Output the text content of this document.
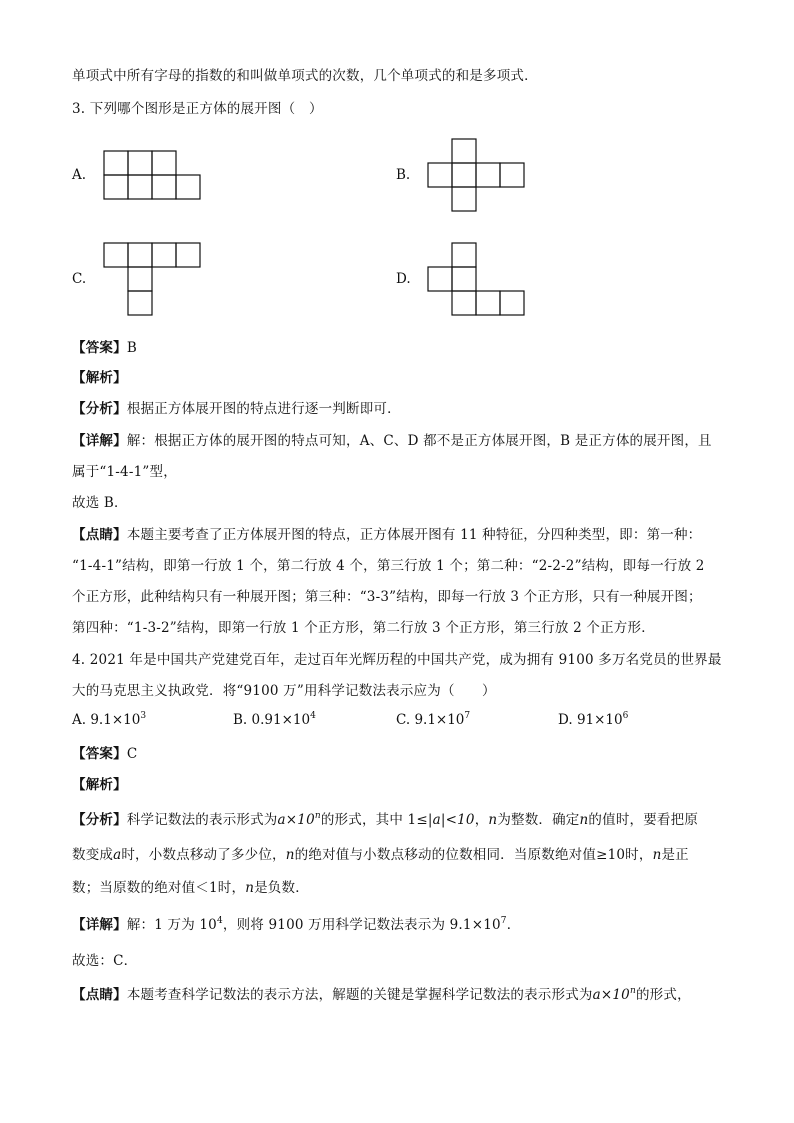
单项式中所有字母的指数的和叫做单项式的次数，几个单项式的和是多项式．
3. 下列哪个图形是正方体的展开图（　）
A.	B.
C.	D.
【答案】B
【解析】
【分析】根据正方体展开图的特点进行逐一判断即可．
【详解】解：根据正方体的展开图的特点可知，A、C、D 都不是正方体展开图，B 是正方体的展开图，且
属于“1-4-1”型，
故选 B．
【点睛】本题主要考查了正方体展开图的特点，正方体展开图有 11 种特征，分四种类型，即：第一种：
“1-4-1”结构，即第一行放 1 个，第二行放 4 个，第三行放 1 个；第二种：“2-2-2”结构，即每一行放 2
个正方形，此种结构只有一种展开图；第三种：“3-3”结构，即每一行放 3 个正方形，只有一种展开图；
第四种：“1-3-2”结构，即第一行放 1 个正方形，第二行放 3 个正方形，第三行放 2 个正方形．
4. 2021 年是中国共产党建党百年，走过百年光辉历程的中国共产党，成为拥有 9100 多万名党员的世界最
大的马克思主义执政党．将“9100 万”用科学记数法表示应为（　　）
A. $9.1\times 10^3$	B. $0.91\times 10^4$	C. $9.1\times 10^7$	D. $91\times 10^6$
【答案】C
【解析】
【分析】科学记数法的表示形式为$a\times 10^n$的形式，其中 1≤|a|<10，n为整数．确定n的值时，要看把原
数变成a时，小数点移动了多少位，n的绝对值与小数点移动的位数相同．当原数绝对值≥10时，n是正
数；当原数的绝对值＜1时，n是负数．
【详解】解：1 万为 $10^4$，则将 9100 万用科学记数法表示为 $9.1\times 10^7$．
故选：C．
【点睛】本题考查科学记数法的表示方法，解题的关键是掌握科学记数法的表示形式为$a\times 10^n$的形式，
